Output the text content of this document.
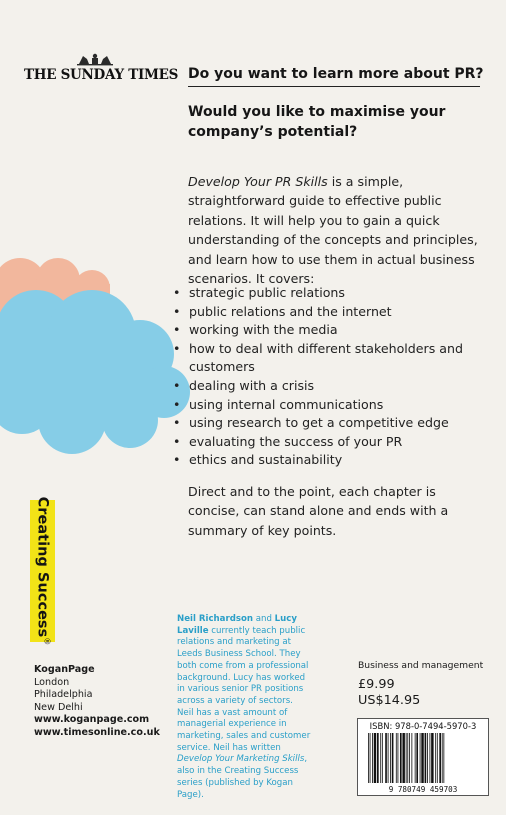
THE SUNDAY TIMES Do you want to learn more about PR?
Would you like to maximise your company’s potential?
Develop Your PR Skills is a simple, straightforward guide to effective public relations. It will help you to gain a quick understanding of the concepts and principles, and learn how to use them in actual business scenarios. It covers:
• strategic public relations
• public relations and the internet
• working with the media
• how to deal with different stakeholders and customers
• dealing with a crisis
• using internal communications
• using research to get a competitive edge
• evaluating the success of your PR
• ethics and sustainability
Direct and to the point, each chapter is concise, can stand alone and ends with a summary of key points.
Creating Success®
KoganPage
London
Philadelphia
New Delhi
www.koganpage.com
www.timesonline.co.uk
Neil Richardson and Lucy Laville currently teach public relations and marketing at Leeds Business School. They both come from a professional background. Lucy has worked in various senior PR positions across a variety of sectors. Neil has a vast amount of managerial experience in marketing, sales and customer service. Neil has written Develop Your Marketing Skills, also in the Creating Success series (published by Kogan Page).
Business and management
£9.99
US$14.95
ISBN: 978-0-7494-5970-3
9 780749 459703
